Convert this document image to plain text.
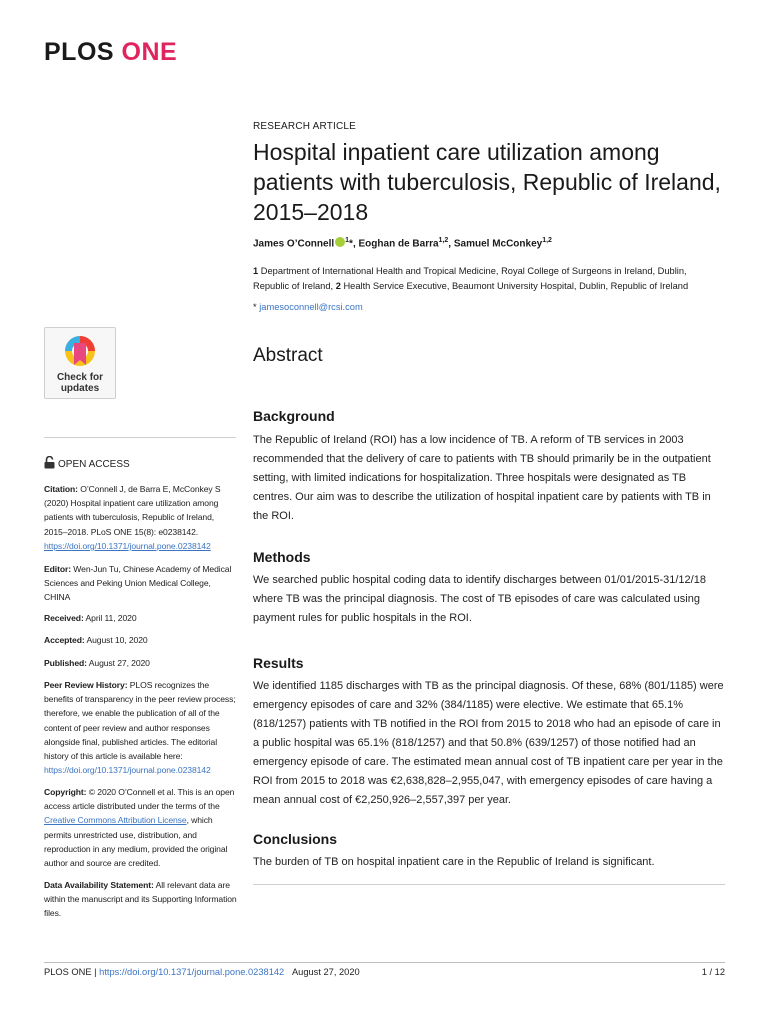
PLOS ONE
RESEARCH ARTICLE
Hospital inpatient care utilization among patients with tuberculosis, Republic of Ireland, 2015–2018
James O’Connell $^1$*, Eoghan de Barra$^{1,2}$, Samuel McConkey$^{1,2}$
1 Department of International Health and Tropical Medicine, Royal College of Surgeons in Ireland, Dublin, Republic of Ireland, 2 Health Service Executive, Beaumont University Hospital, Dublin, Republic of Ireland
* jamesoconnell@rcsi.com
Check for
updates
Abstract
Background
The Republic of Ireland (ROI) has a low incidence of TB. A reform of TB services in 2003 recommended that the delivery of care to patients with TB should primarily be in the outpatient setting, with limited indications for hospitalization. Three hospitals were designated as TB centres. Our aim was to describe the utilization of hospital inpatient care by patients with TB in the ROI.
Methods
We searched public hospital coding data to identify discharges between 01/01/2015-31/12/18 where TB was the principal diagnosis. The cost of TB episodes of care was calculated using payment rules for public hospitals in the ROI.
Results
We identified 1185 discharges with TB as the principal diagnosis. Of these, 68% (801/1185) were emergency episodes of care and 32% (384/1185) were elective. We estimate that 65.1% (818/1257) patients with TB notified in the ROI from 2015 to 2018 who had an episode of care in a public hospital was 65.1% (818/1257) and that 50.8% (639/1257) of those notified had an emergency episode of care. The estimated mean annual cost of TB inpatient care per year in the ROI from 2015 to 2018 was €2,638,828–2,955,047, with emergency episodes of care having a mean annual cost of €2,250,926–2,557,397 per year.
Conclusions
The burden of TB on hospital inpatient care in the Republic of Ireland is significant.
OPEN ACCESS
Citation: O’Connell J, de Barra E, McConkey S (2020) Hospital inpatient care utilization among patients with tuberculosis, Republic of Ireland, 2015–2018. PLoS ONE 15(8): e0238142. https://doi.org/10.1371/journal.pone.0238142
Editor: Wen-Jun Tu, Chinese Academy of Medical Sciences and Peking Union Medical College, CHINA
Received: April 11, 2020
Accepted: August 10, 2020
Published: August 27, 2020
Peer Review History: PLOS recognizes the benefits of transparency in the peer review process; therefore, we enable the publication of all of the content of peer review and author responses alongside final, published articles. The editorial history of this article is available here: https://doi.org/10.1371/journal.pone.0238142
Copyright: © 2020 O’Connell et al. This is an open access article distributed under the terms of the Creative Commons Attribution License, which permits unrestricted use, distribution, and reproduction in any medium, provided the original author and source are credited.
Data Availability Statement: All relevant data are within the manuscript and its Supporting Information files.
PLOS ONE | https://doi.org/10.1371/journal.pone.0238142 August 27, 2020	1 / 12
